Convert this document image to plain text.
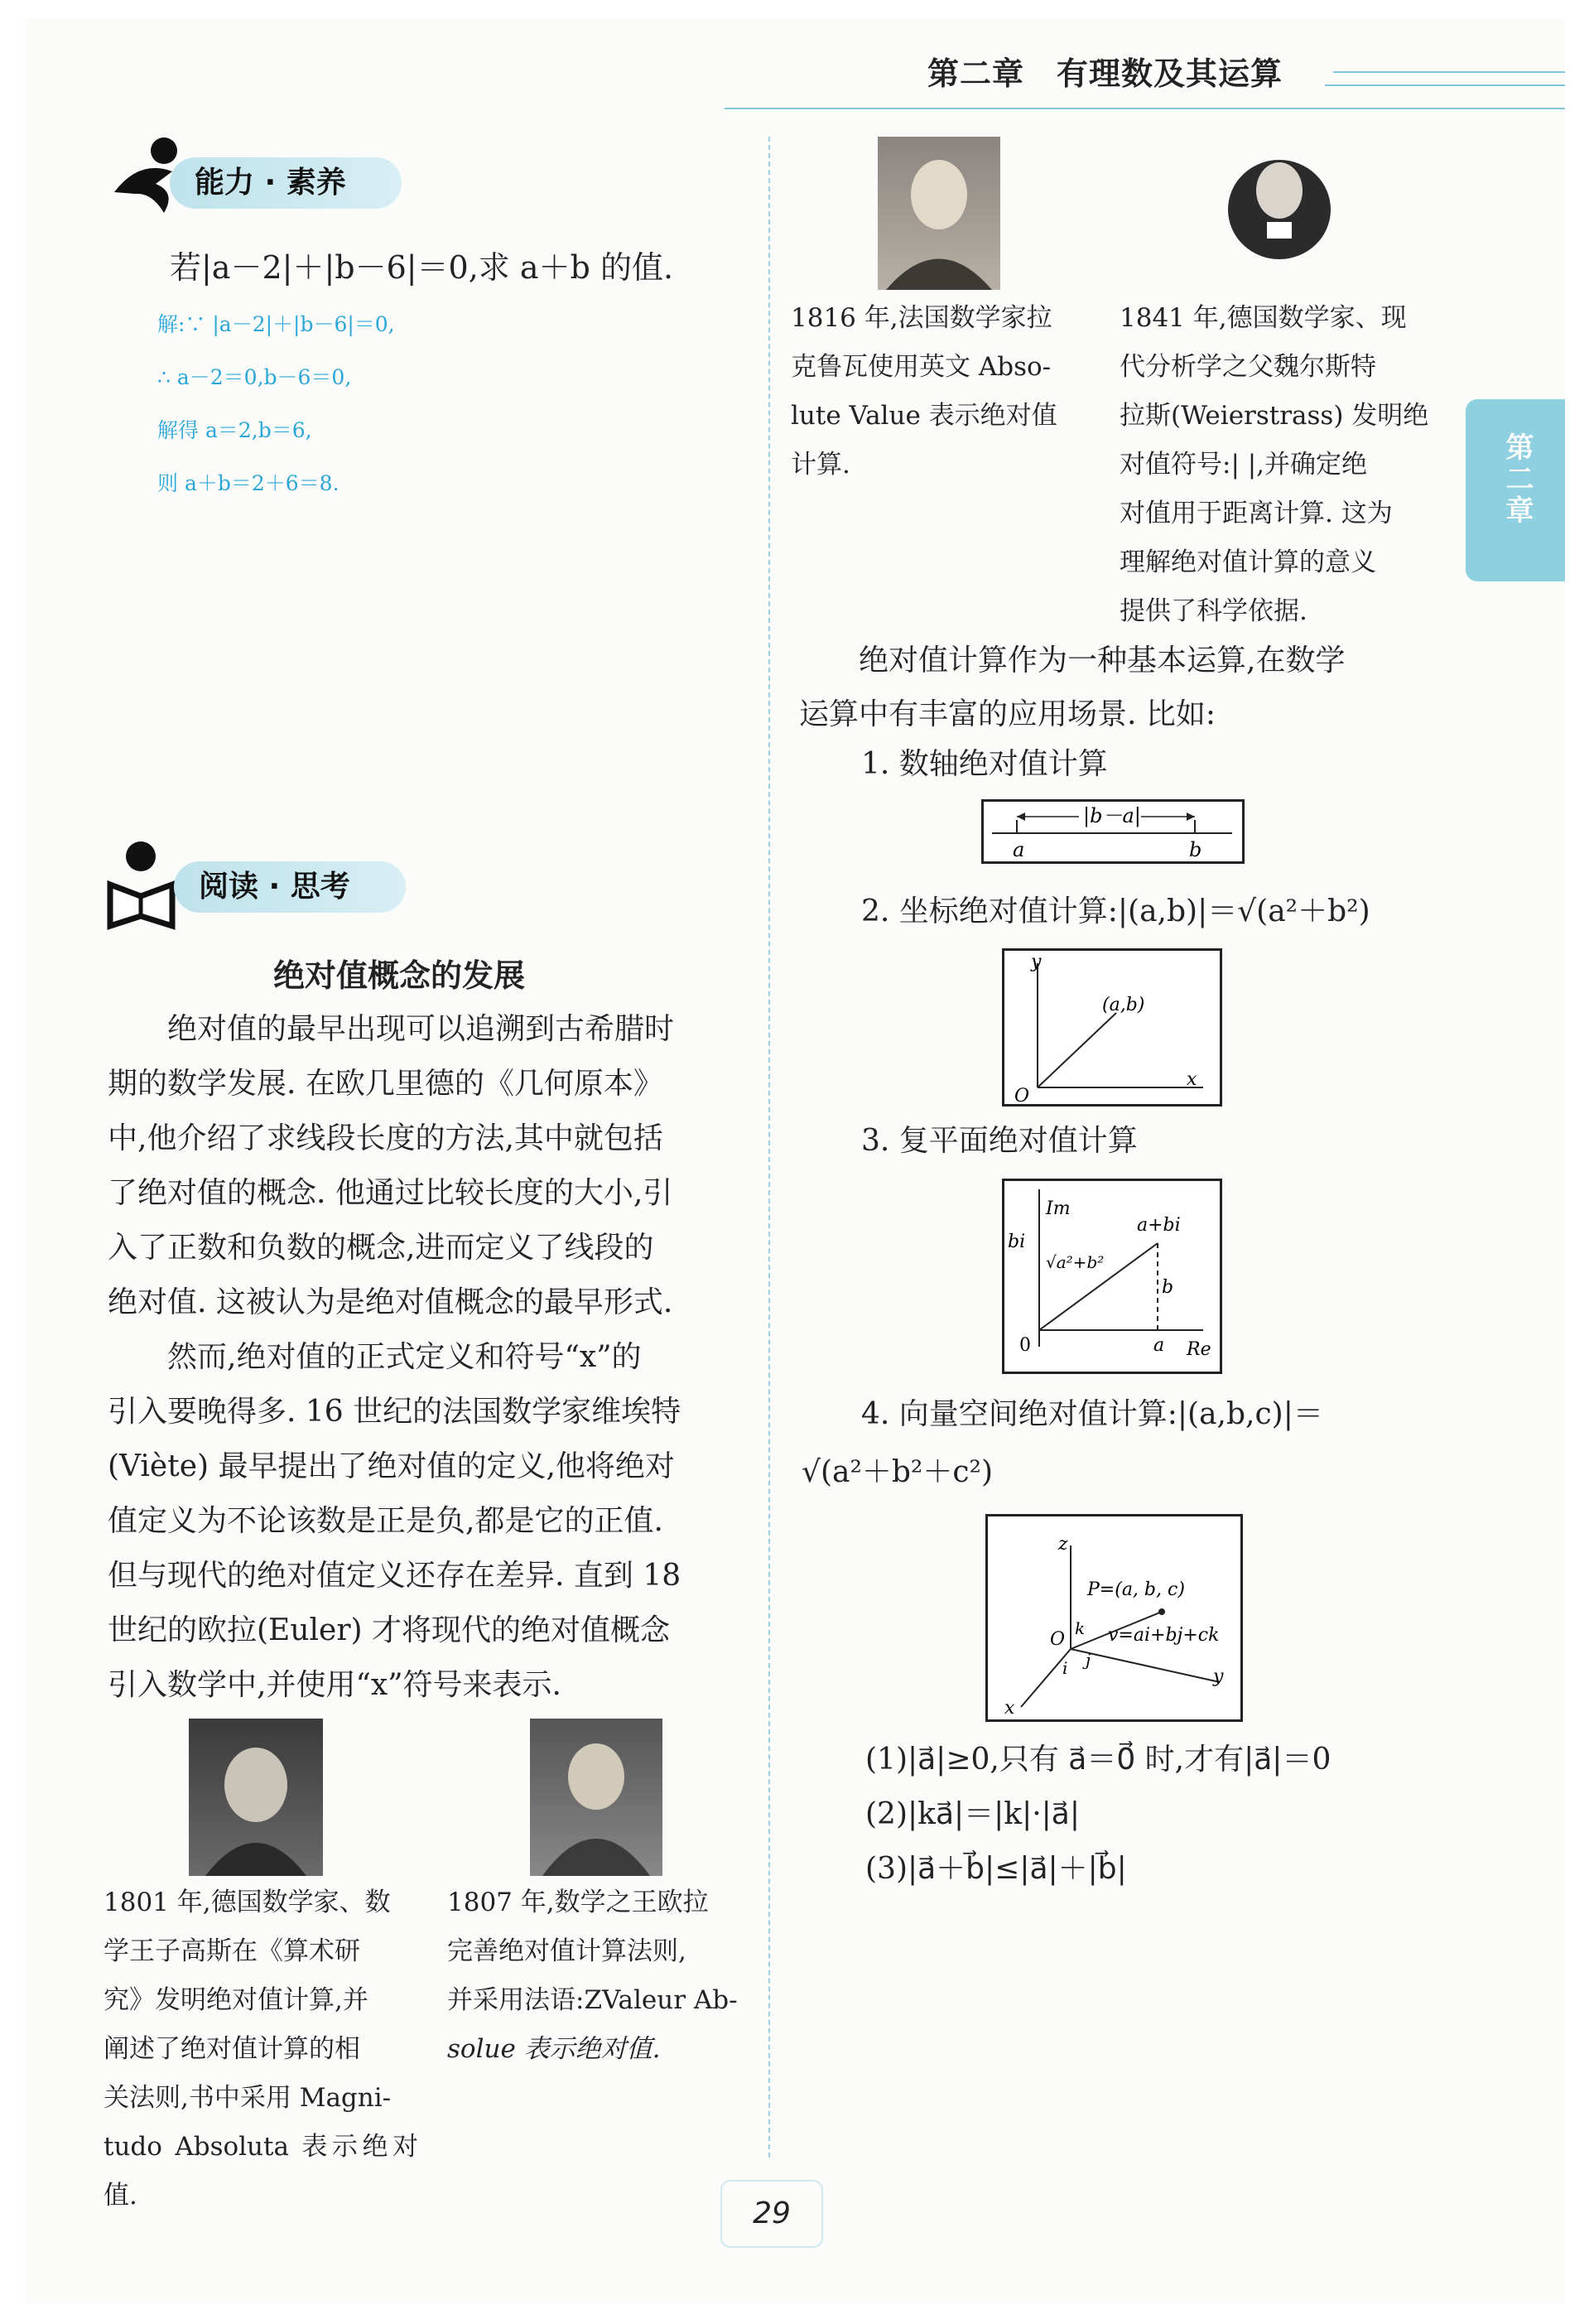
第二章　有理数及其运算
第二章
能力 · 素养
若|a－2|＋|b－6|＝0,求 a＋b 的值.
解:∵ |a－2|＋|b－6|＝0,
∴ a－2＝0,b－6＝0,
解得 a＝2,b＝6,
则 a＋b＝2＋6＝8.
阅读 · 思考
绝对值概念的发展
　　绝对值的最早出现可以追溯到古希腊时
期的数学发展. 在欧几里德的《几何原本》
中,他介绍了求线段长度的方法,其中就包括
了绝对值的概念. 他通过比较长度的大小,引
入了正数和负数的概念,进而定义了线段的
绝对值. 这被认为是绝对值概念的最早形式.
　　然而,绝对值的正式定义和符号“x”的
引入要晚得多. 16 世纪的法国数学家维埃特
(Viète) 最早提出了绝对值的定义,他将绝对
值定义为不论该数是正是负,都是它的正值.
但与现代的绝对值定义还存在差异. 直到 18
世纪的欧拉(Euler) 才将现代的绝对值概念
引入数学中,并使用“x”符号来表示.
1801 年,德国数学家、数
学王子高斯在《算术研
究》发明绝对值计算,并
阐述了绝对值计算的相
关法则,书中采用 Magni-
tudo Absoluta 表示绝对值.
1807 年,数学之王欧拉
完善绝对值计算法则,
并采用法语:ZValeur Ab-
solue 表示绝对值.
1816 年,法国数学家拉
克鲁瓦使用英文 Abso-
lute Value 表示绝对值
计算.
1841 年,德国数学家、现
代分析学之父魏尔斯特
拉斯(Weierstrass) 发明绝
对值符号:| |,并确定绝
对值用于距离计算. 这为
理解绝对值计算的意义
提供了科学依据.
　　绝对值计算作为一种基本运算,在数学
运算中有丰富的应用场景. 比如:
1. 数轴绝对值计算
|b－a|
a	b
2. 坐标绝对值计算:|(a,b)|＝√(a²＋b²)
y
x
O
(a,b)
3. 复平面绝对值计算
Im
bi
a+bi
√a²+b²
b
a Re
0
4. 向量空间绝对值计算:|(a,b,c)|＝
√(a²＋b²＋c²)
z
y
x
O
P=(a, b, c)
v=ai+bj+ck
k
i j
(1)|a⃗|≥0,只有 a⃗＝0⃗ 时,才有|a⃗|＝0
(2)|ka⃗|＝|k|·|a⃗|
(3)|a⃗＋b⃗|≤|a⃗|＋|b⃗|
29
